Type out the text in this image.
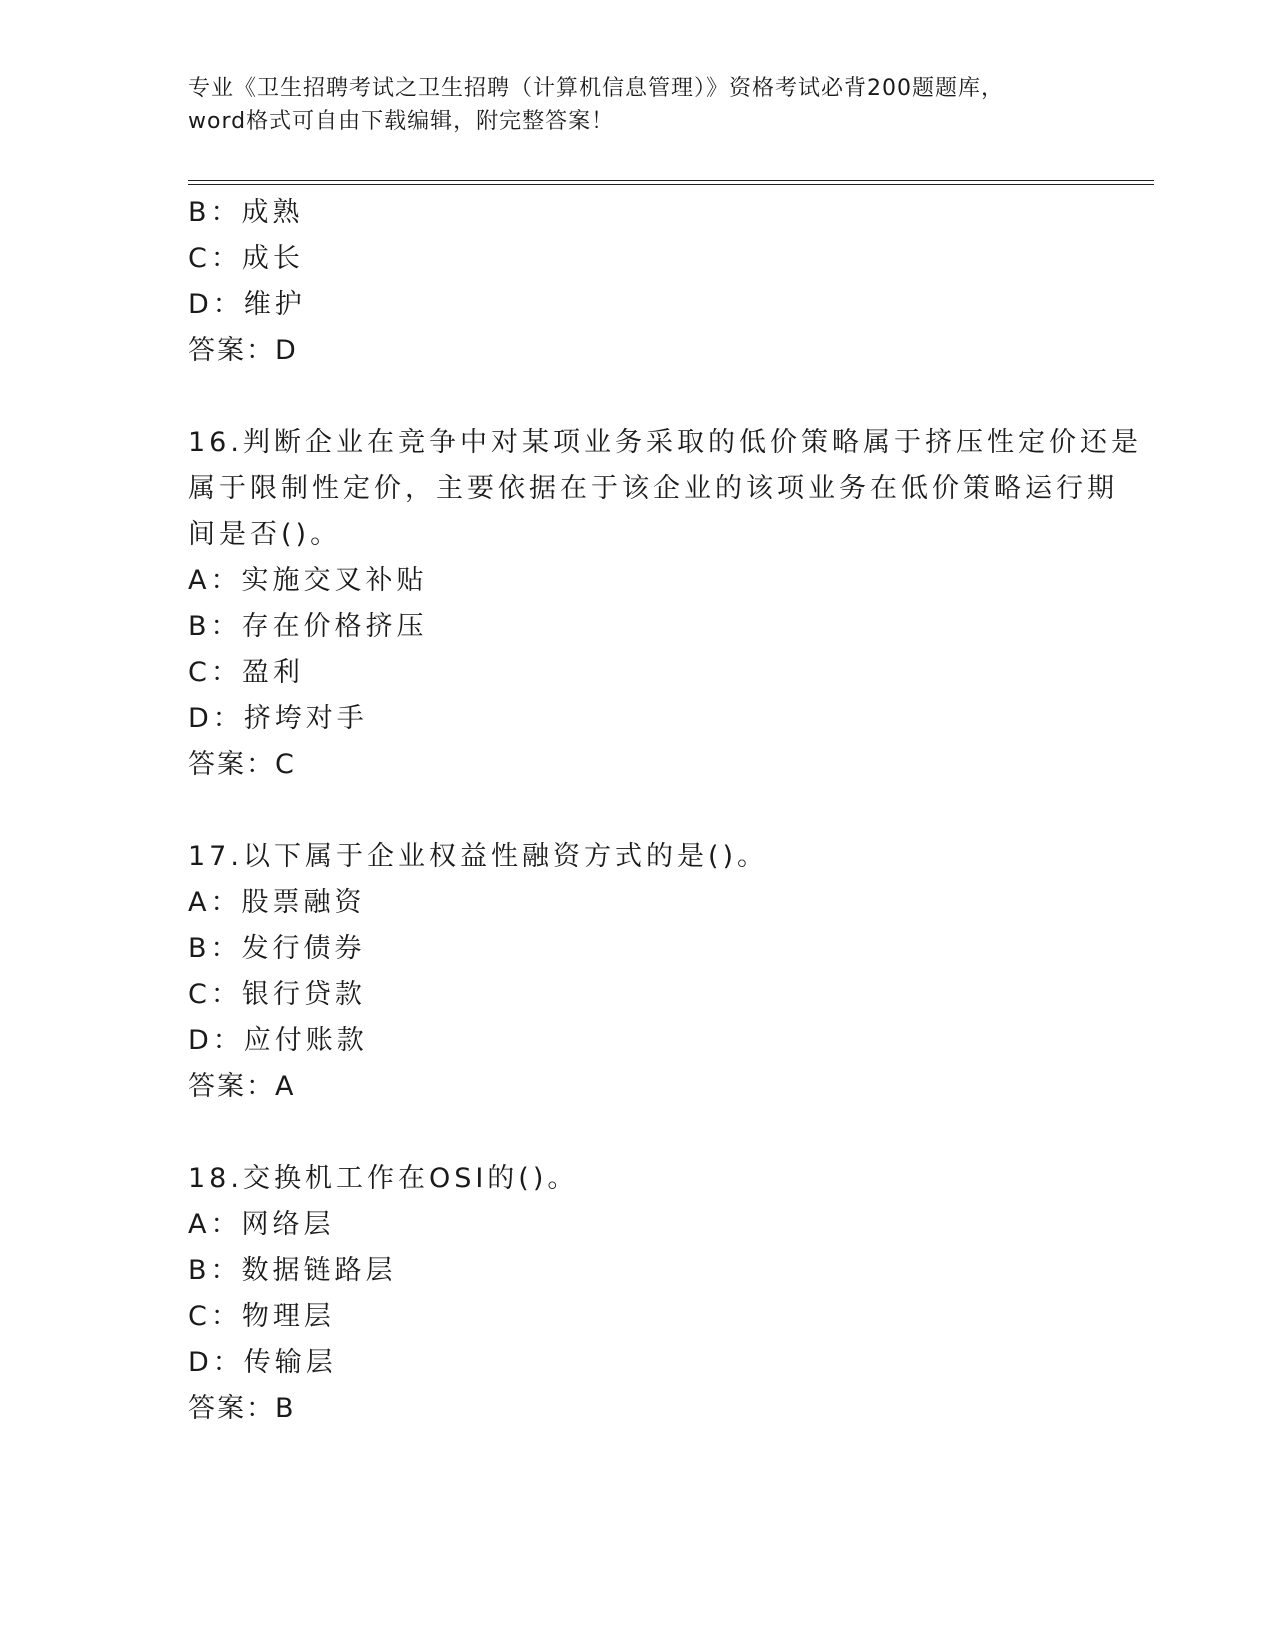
专业《卫生招聘考试之卫生招聘（计算机信息管理）》资格考试必背200题题库，
word格式可自由下载编辑，附完整答案！
B：成熟
C：成长
D：维护
答案：D
16.判断企业在竞争中对某项业务采取的低价策略属于挤压性定价还是
属于限制性定价，主要依据在于该企业的该项业务在低价策略运行期
间是否()。
A：实施交叉补贴
B：存在价格挤压
C：盈利
D：挤垮对手
答案：C
17.以下属于企业权益性融资方式的是()。
A：股票融资
B：发行债券
C：银行贷款
D：应付账款
答案：A
18.交换机工作在OSI的()。
A：网络层
B：数据链路层
C：物理层
D：传输层
答案：B
